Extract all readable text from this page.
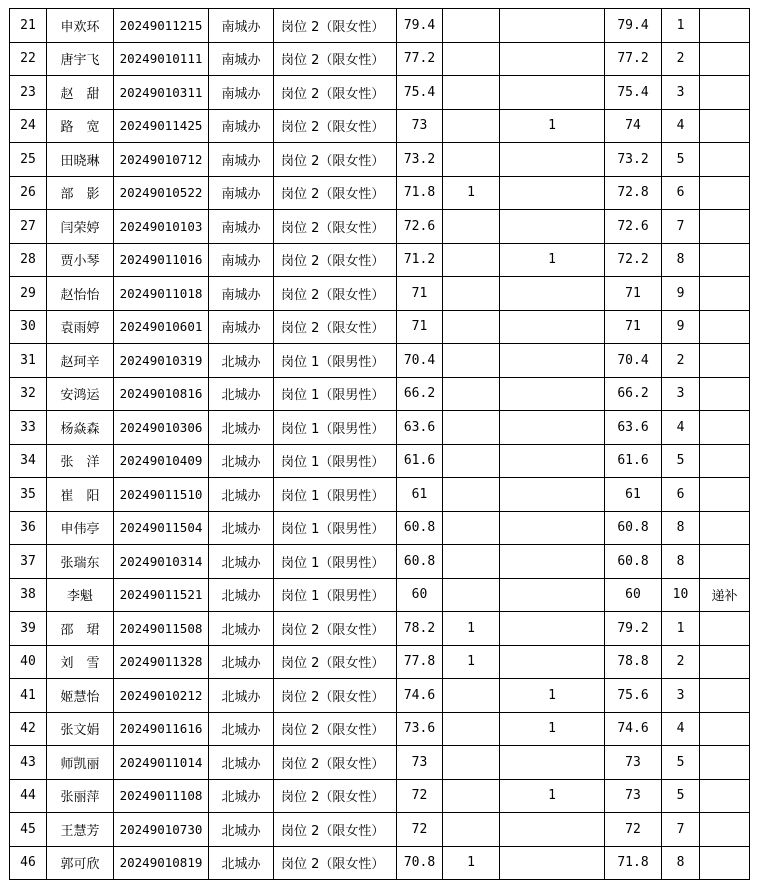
21	申欢环	20249011215	南城办	岗位 2（限女性）	79.4			79.4	1	
22	唐宇飞	20249010111	南城办	岗位 2（限女性）	77.2			77.2	2	
23	赵　甜	20249010311	南城办	岗位 2（限女性）	75.4			75.4	3	
24	路　宽	20249011425	南城办	岗位 2（限女性）	73		1	74	4	
25	田晓琳	20249010712	南城办	岗位 2（限女性）	73.2			73.2	5	
26	部　影	20249010522	南城办	岗位 2（限女性）	71.8	1		72.8	6	
27	闫荣婷	20249010103	南城办	岗位 2（限女性）	72.6			72.6	7	
28	贾小琴	20249011016	南城办	岗位 2（限女性）	71.2		1	72.2	8	
29	赵怡怡	20249011018	南城办	岗位 2（限女性）	71			71	9	
30	袁雨婷	20249010601	南城办	岗位 2（限女性）	71			71	9	
31	赵珂辛	20249010319	北城办	岗位 1（限男性）	70.4			70.4	2	
32	安鸿运	20249010816	北城办	岗位 1（限男性）	66.2			66.2	3	
33	杨焱森	20249010306	北城办	岗位 1（限男性）	63.6			63.6	4	
34	张　洋	20249010409	北城办	岗位 1（限男性）	61.6			61.6	5	
35	崔　阳	20249011510	北城办	岗位 1（限男性）	61			61	6	
36	申伟亭	20249011504	北城办	岗位 1（限男性）	60.8			60.8	8	
37	张瑞东	20249010314	北城办	岗位 1（限男性）	60.8			60.8	8	
38	李魁	20249011521	北城办	岗位 1（限男性）	60			60	10	递补
39	邵　珺	20249011508	北城办	岗位 2（限女性）	78.2	1		79.2	1	
40	刘　雪	20249011328	北城办	岗位 2（限女性）	77.8	1		78.8	2	
41	姬慧怡	20249010212	北城办	岗位 2（限女性）	74.6		1	75.6	3	
42	张文娟	20249011616	北城办	岗位 2（限女性）	73.6		1	74.6	4	
43	师凯丽	20249011014	北城办	岗位 2（限女性）	73			73	5	
44	张丽萍	20249011108	北城办	岗位 2（限女性）	72		1	73	5	
45	王慧芳	20249010730	北城办	岗位 2（限女性）	72			72	7	
46	郭可欣	20249010819	北城办	岗位 2（限女性）	70.8	1		71.8	8	
